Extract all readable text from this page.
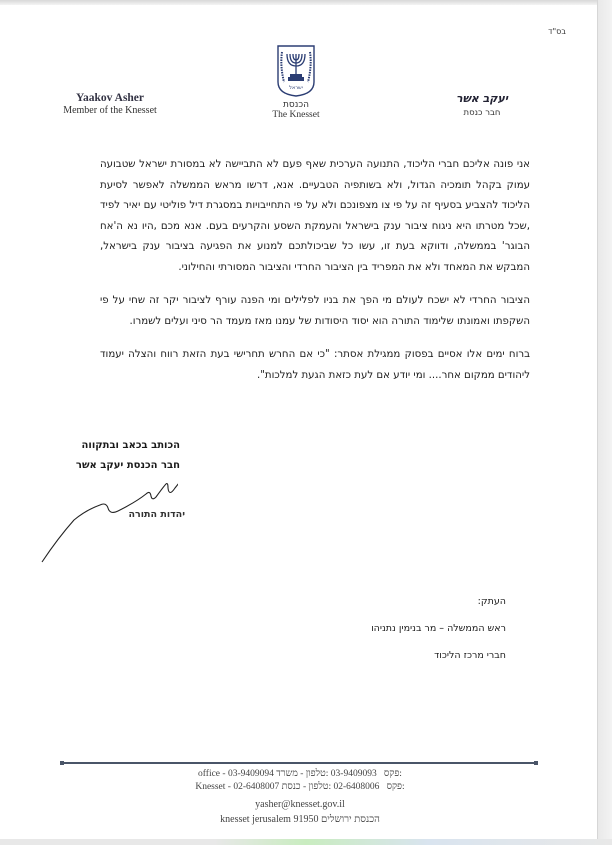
בס"ד
Yaakov Asher
Member of the Knesset
ישראל
הכנסת
The Knesset
יעקב אשר
חבר כנסת

אני פונה אליכם חברי הליכוד, התנועה הערכית שאף פעם לא התביישה לא במסורת ישראל שטבועה עמוק בקהל תומכיה הגדול, ולא בשותפיה הטבעיים. אנא, דרשו מראש הממשלה לאפשר לסיעת הליכוד להצביע בסעיף זה על פי צו מצפונכם ולא על פי התחייבויות במסגרת דיל פוליטי עם יאיר לפיד ,שכל מטרתו היא ניגוח ציבור ענק בישראל והעמקת השסע והקרעים בעם. אנא מכם ,היו נא ה'אח הבוגר' בממשלה, ודווקא בעת זו, עשו כל שביכולתכם למנוע את הפגיעה בציבור ענק בישראל, המבקש את המאחד ולא את המפריד בין הציבור החרדי והציבור המסורתי והחילוני.

הציבור החרדי לא ישכח לעולם מי הפך את בניו לפלילים ומי הפנה עורף לציבור יקר זה שחי על פי השקפתו ואמונתו שלימוד התורה הוא יסוד היסודות של עמנו מאז מעמד הר סיני ועלים לשמרו.

ברוח ימים אלו אסיים בפסוק ממגילת אסתר: "כי אם החרש תחרישי בעת הזאת רווח והצלה יעמוד ליהודים ממקום אחר.... ומי יודע אם לעת כזאת הגעת למלכות".

הכותב בכאב ובתקווה
חבר הכנסת יעקב אשר
יהדות התורה
העתק:
ראש הממשלה – מר בנימין נתניהו
חברי מרכז הליכוד
office - 03-9409094	:פקס   03-9409093 :טלפון - משרד
Knesset - 02-6408007	:פקס   02-6408006 :טלפון - כנסת
yasher@knesset.gov.il
knesset jerusalem 91950 הכנסת ירושלים
